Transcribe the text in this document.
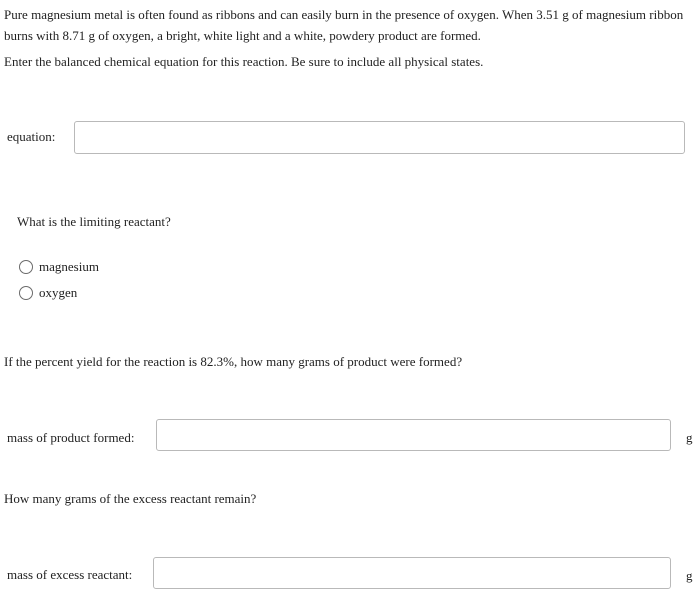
Pure magnesium metal is often found as ribbons and can easily burn in the presence of oxygen. When 3.51 g of magnesium ribbon burns with 8.71 g of oxygen, a bright, white light and a white, powdery product are formed.

Enter the balanced chemical equation for this reaction. Be sure to include all physical states.

equation:
What is the limiting reactant?
magnesium
oxygen
If the percent yield for the reaction is 82.3%, how many grams of product were formed?
mass of product formed:	g
How many grams of the excess reactant remain?
mass of excess reactant:	g
